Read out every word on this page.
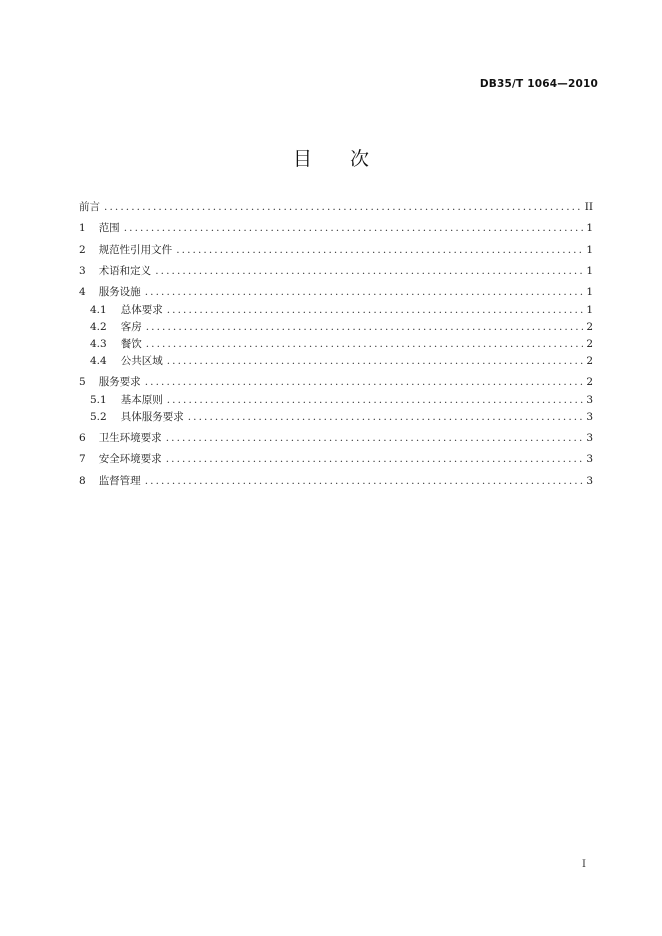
DB35/T 1064—2010
目 次
前言 .....	II
1 范围 .....	1
2 规范性引用文件 .....	1
3 术语和定义 .....	1
4 服务设施 .....	1
4.1 总体要求 .....	1
4.2 客房 .....	2
4.3 餐饮 .....	2
4.4 公共区域 .....	2
5 服务要求 .....	2
5.1 基本原则 .....	3
5.2 具体服务要求 .....	3
6 卫生环境要求 .....	3
7 安全环境要求 .....	3
8 监督管理 .....	3
I
